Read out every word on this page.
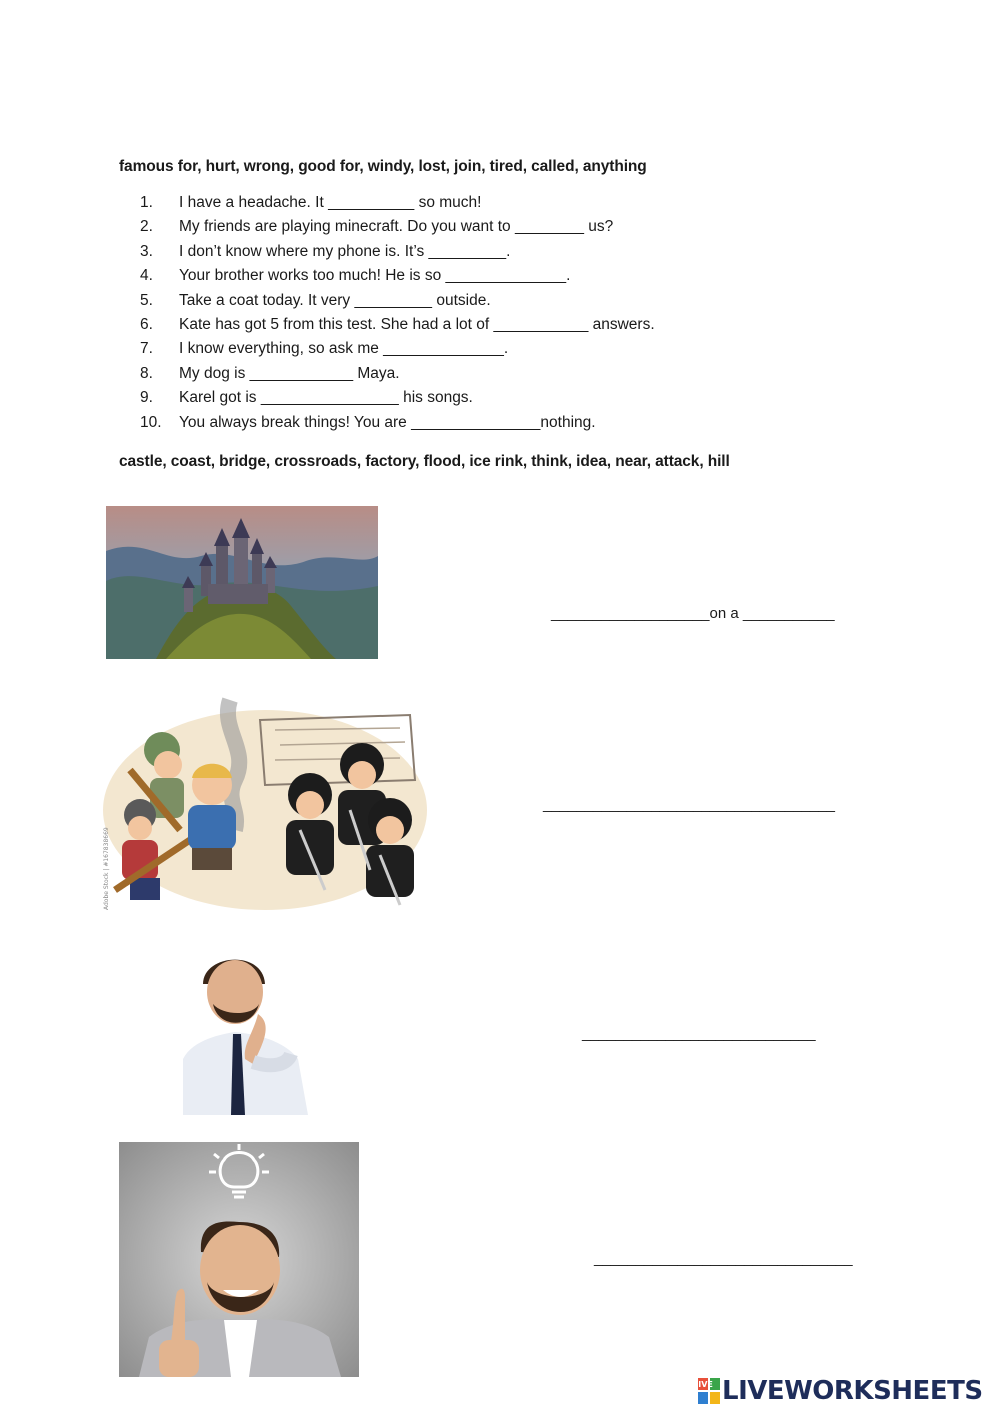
famous for, hurt, wrong, good for, windy, lost, join, tired, called, anything
1.	I have a headache. It __________ so much!
2.	My friends are playing minecraft. Do you want to ________ us?
3.	I don’t know where my phone is. It’s _________.
4.	Your brother works too much! He is so ______________.
5.	Take a coat today. It very _________ outside.
6.	Kate has got 5 from this test. She had a lot of ___________ answers.
7.	I know everything, so ask me ______________.
8.	My dog is ____________ Maya.
9.	Karel got is ________________ his songs.
10.	You always break things! You are _______________nothing.
castle, coast, bridge, crossroads, factory, flood, ice rink, think, idea, near, attack, hill
___________________on a ___________
Adobe Stock | #167838669
___________________________________
____________________________
_______________________________
LIVE LIVEWORKSHEETS
